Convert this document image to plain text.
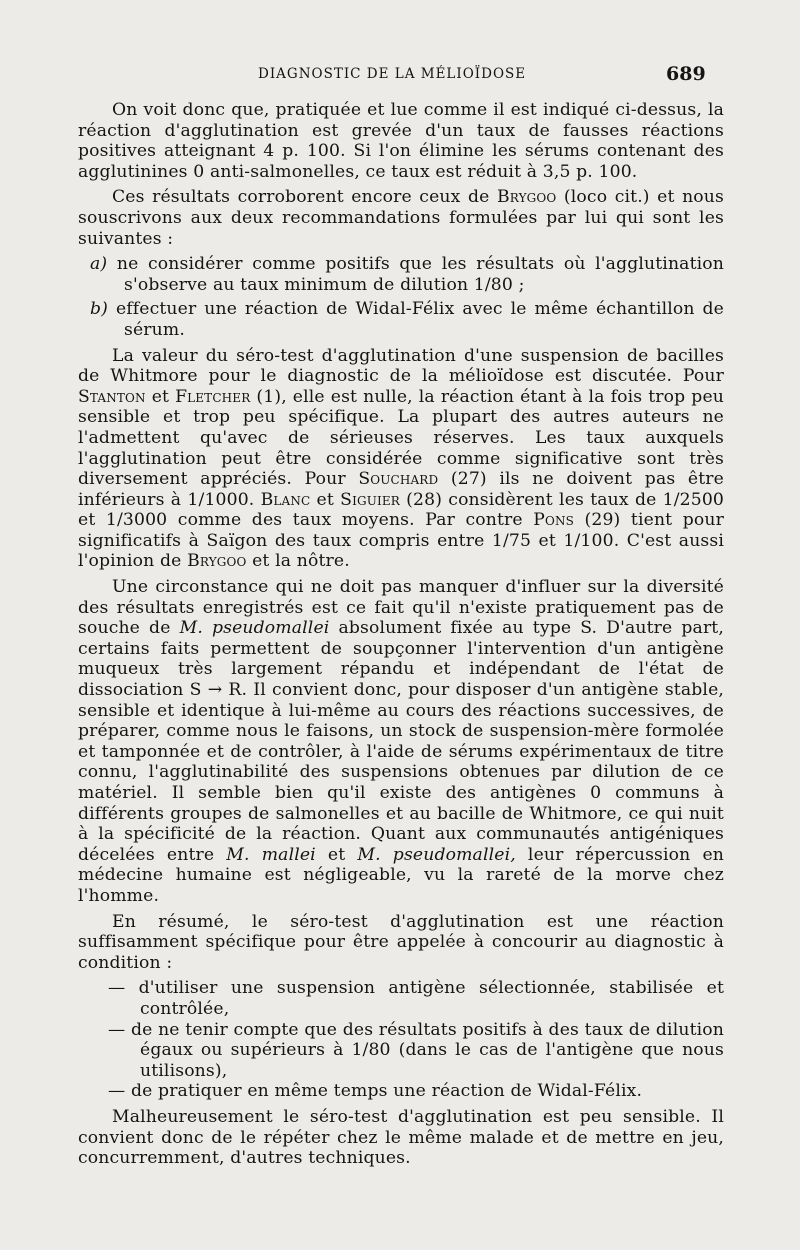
DIAGNOSTIC DE LA MÉLIOÏDOSE	689

On voit donc que, pratiquée et lue comme il est indiqué ci-dessus, la réaction d'agglutination est grevée d'un taux de fausses réactions positives atteignant 4 p. 100. Si l'on élimine les sérums contenant des agglutinines 0 anti-salmonelles, ce taux est réduit à 3,5 p. 100.

Ces résultats corroborent encore ceux de Brygoo (loco cit.) et nous souscrivons aux deux recommandations formulées par lui qui sont les suivantes :

a) ne considérer comme positifs que les résultats où l'agglutination s'observe au taux minimum de dilution 1/80 ;
b) effectuer une réaction de Widal-Félix avec le même échantillon de sérum.

La valeur du séro-test d'agglutination d'une suspension de bacilles de Whitmore pour le diagnostic de la mélioïdose est discutée. Pour Stanton et Fletcher (1), elle est nulle, la réaction étant à la fois trop peu sensible et trop peu spécifique. La plupart des autres auteurs ne l'admettent qu'avec de sérieuses réserves. Les taux auxquels l'agglutination peut être considérée comme significative sont très diversement appréciés. Pour Souchard (27) ils ne doivent pas être inférieurs à 1/1000. Blanc et Siguier (28) considèrent les taux de 1/2500 et 1/3000 comme des taux moyens. Par contre Pons (29) tient pour significatifs à Saïgon des taux compris entre 1/75 et 1/100. C'est aussi l'opinion de Brygoo et la nôtre.

Une circonstance qui ne doit pas manquer d'influer sur la diversité des résultats enregistrés est ce fait qu'il n'existe pratiquement pas de souche de M. pseudomallei absolument fixée au type S. D'autre part, certains faits permettent de soupçonner l'intervention d'un antigène muqueux très largement répandu et indépendant de l'état de dissociation S → R. Il convient donc, pour disposer d'un antigène stable, sensible et identique à lui-même au cours des réactions successives, de préparer, comme nous le faisons, un stock de suspension-mère formolée et tamponnée et de contrôler, à l'aide de sérums expérimentaux de titre connu, l'agglutinabilité des suspensions obtenues par dilution de ce matériel. Il semble bien qu'il existe des antigènes 0 communs à différents groupes de salmonelles et au bacille de Whitmore, ce qui nuit à la spécificité de la réaction. Quant aux communautés antigéniques décelées entre M. mallei et M. pseudomallei, leur répercussion en médecine humaine est négligeable, vu la rareté de la morve chez l'homme.

En résumé, le séro-test d'agglutination est une réaction suffisamment spécifique pour être appelée à concourir au diagnostic à condition :

— d'utiliser une suspension antigène sélectionnée, stabilisée et contrôlée,
— de ne tenir compte que des résultats positifs à des taux de dilution égaux ou supérieurs à 1/80 (dans le cas de l'antigène que nous utilisons),
— de pratiquer en même temps une réaction de Widal-Félix.

Malheureusement le séro-test d'agglutination est peu sensible. Il convient donc de le répéter chez le même malade et de mettre en jeu, concurremment, d'autres techniques.
